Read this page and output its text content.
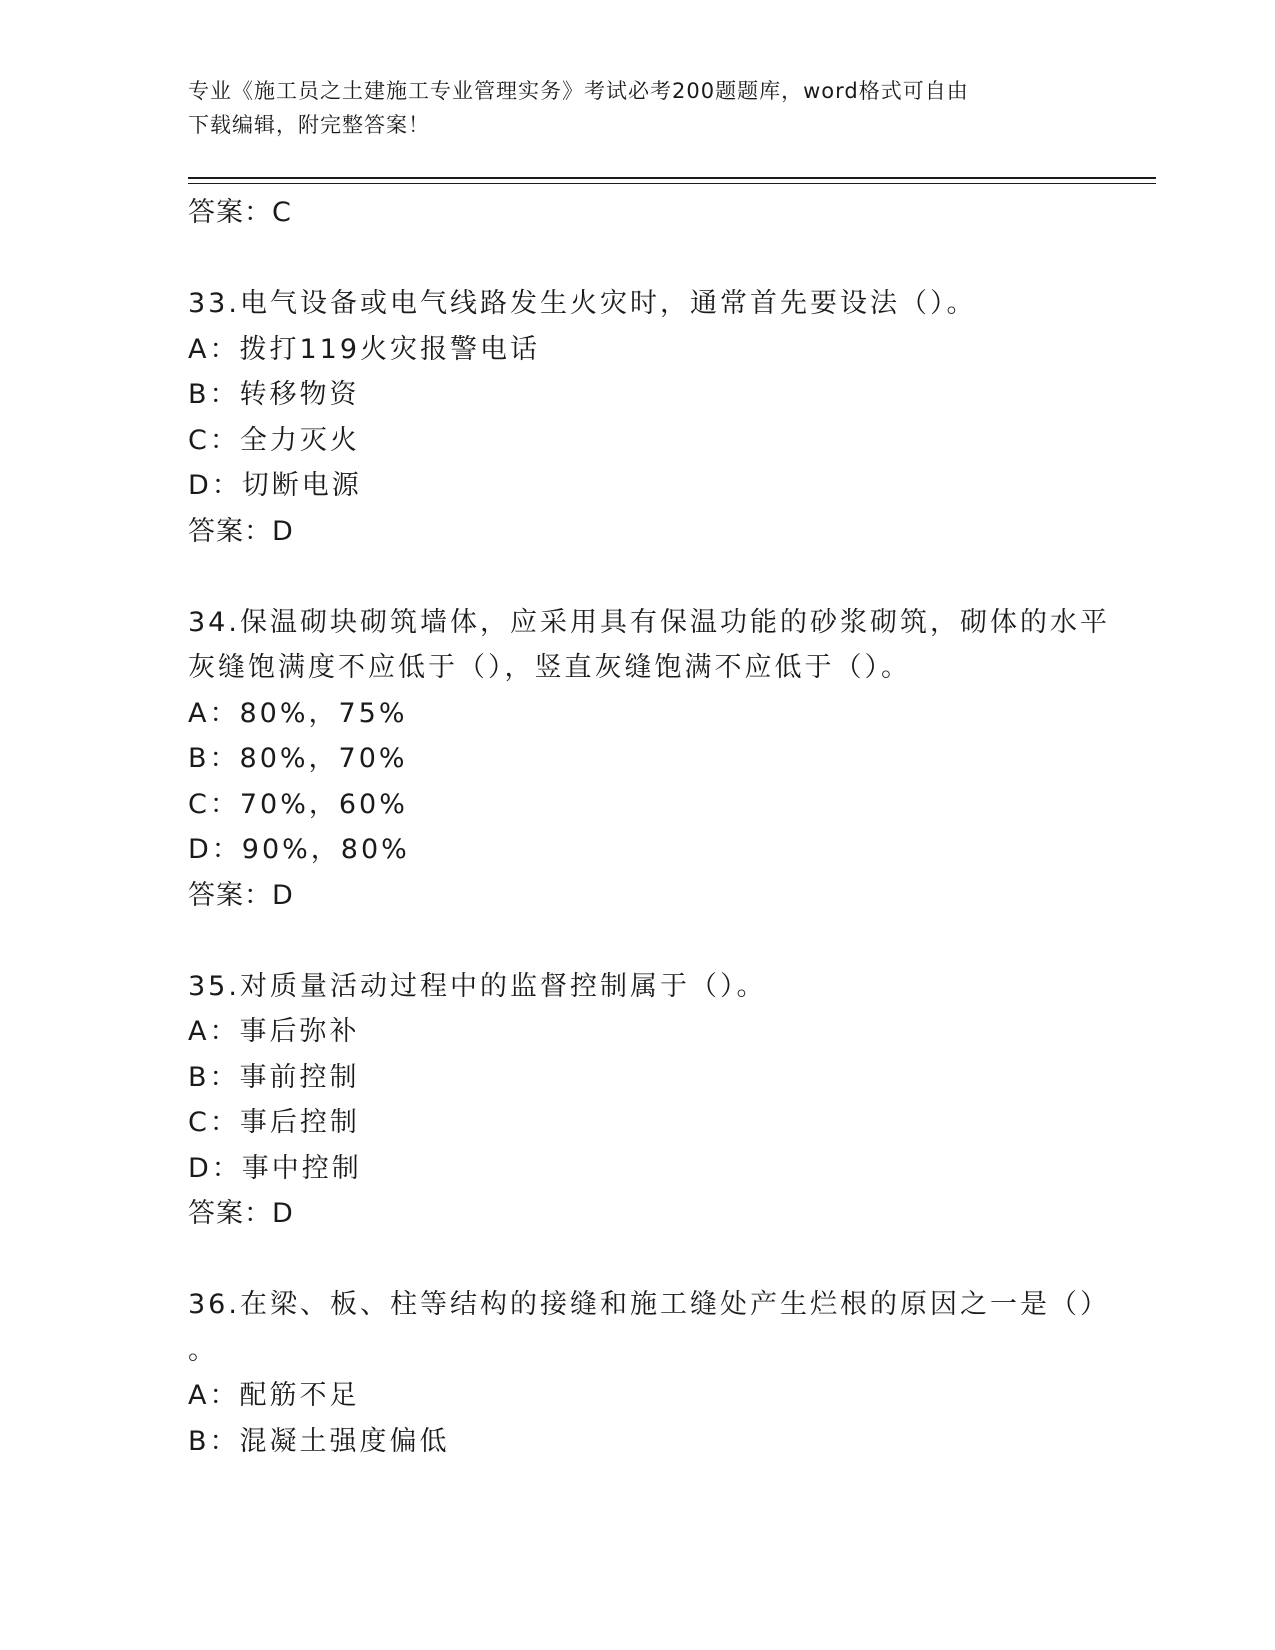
专业《施工员之土建施工专业管理实务》考试必考200题题库，word格式可自由
下载编辑，附完整答案！
答案：C
33.电气设备或电气线路发生火灾时，通常首先要设法（）。
A：拨打119火灾报警电话
B：转移物资
C：全力灭火
D：切断电源
答案：D
34.保温砌块砌筑墙体，应采用具有保温功能的砂浆砌筑，砌体的水平
灰缝饱满度不应低于（），竖直灰缝饱满不应低于（）。
A：80%，75%
B：80%，70%
C：70%，60%
D：90%，80%
答案：D
35.对质量活动过程中的监督控制属于（）。
A：事后弥补
B：事前控制
C：事后控制
D：事中控制
答案：D
36.在梁、板、柱等结构的接缝和施工缝处产生烂根的原因之一是（）
。
A：配筋不足
B：混凝土强度偏低
